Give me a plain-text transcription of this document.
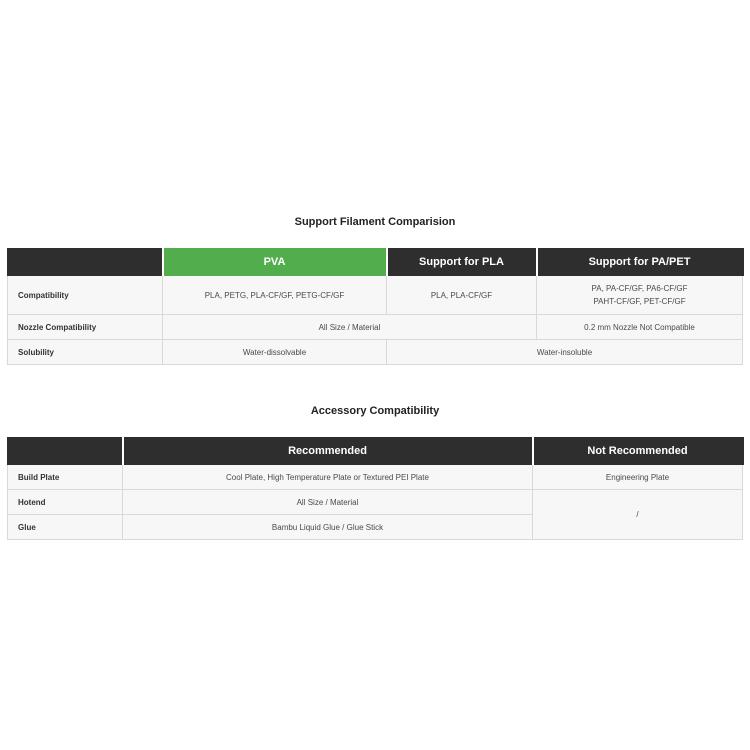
Support Filament Comparision
	PVA	Support for PLA	Support for PA/PET
Compatibility	PLA, PETG, PLA-CF/GF, PETG-CF/GF	PLA, PLA-CF/GF	PA, PA-CF/GF, PA6-CF/GF
PAHT-CF/GF, PET-CF/GF

Nozzle Compatibility	All Size / Material		0.2 mm Nozzle Not Compatible
Solubility	Water-dissolvable	Water-insoluble	
Accessory Compatibility
	Recommended	Not Recommended
Build Plate	Cool Plate, High Temperature Plate or Textured PEI Plate	Engineering Plate
Hotend	All Size / Material	/
Glue	Bambu Liquid Glue / Glue Stick	
